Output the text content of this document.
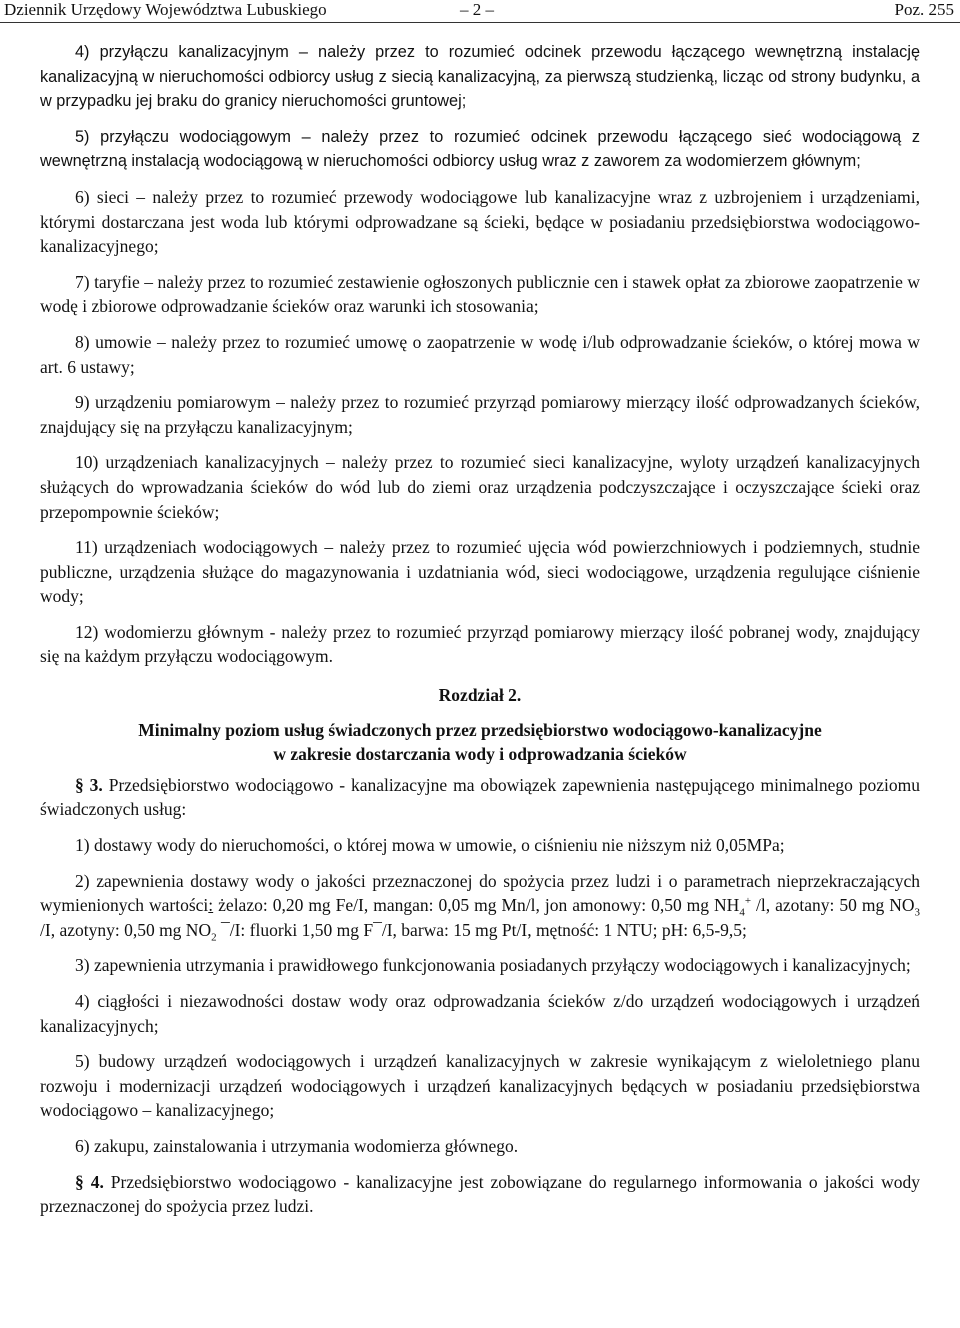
Dziennik Urzędowy Województwa Lubuskiego	– 2 –	Poz. 255

4) przyłączu kanalizacyjnym – należy przez to rozumieć odcinek przewodu łączącego wewnętrzną instalację kanalizacyjną w nieruchomości odbiorcy usług z siecią kanalizacyjną, za pierwszą studzienką, licząc od strony budynku, a w przypadku jej braku do granicy nieruchomości gruntowej;

5) przyłączu wodociągowym – należy przez to rozumieć odcinek przewodu łączącego sieć wodociągową z wewnętrzną instalacją wodociągową w nieruchomości odbiorcy usług wraz z zaworem za wodomierzem głównym;

6) sieci – należy przez to rozumieć przewody wodociągowe lub kanalizacyjne wraz z uzbrojeniem i urządzeniami, którymi dostarczana jest woda lub którymi odprowadzane są ścieki, będące w posiadaniu przedsiębiorstwa wodociągowo-kanalizacyjnego;

7) taryfie – należy przez to rozumieć zestawienie ogłoszonych publicznie cen i stawek opłat za zbiorowe zaopatrzenie w wodę i zbiorowe odprowadzanie ścieków oraz warunki ich stosowania;

8) umowie – należy przez to rozumieć umowę o zaopatrzenie w wodę i/lub odprowadzanie ścieków, o której mowa w art. 6 ustawy;

9) urządzeniu pomiarowym – należy przez to rozumieć przyrząd pomiarowy mierzący ilość odprowadzanych ścieków, znajdujący się na przyłączu kanalizacyjnym;

10) urządzeniach kanalizacyjnych – należy przez to rozumieć sieci kanalizacyjne, wyloty urządzeń kanalizacyjnych służących do wprowadzania ścieków do wód lub do ziemi oraz urządzenia podczyszczające i oczyszczające ścieki oraz przepompownie ścieków;

11) urządzeniach wodociągowych – należy przez to rozumieć ujęcia wód powierzchniowych i podziemnych, studnie publiczne, urządzenia służące do magazynowania i uzdatniania wód, sieci wodociągowe, urządzenia regulujące ciśnienie wody;

12) wodomierzu głównym - należy przez to rozumieć przyrząd pomiarowy mierzący ilość pobranej wody, znajdujący się na każdym przyłączu wodociągowym.

Rozdział 2.

Minimalny poziom usług świadczonych przez przedsiębiorstwo wodociągowo-kanalizacyjne

w zakresie dostarczania wody i odprowadzania ścieków

§ 3. Przedsiębiorstwo wodociągowo - kanalizacyjne ma obowiązek zapewnienia następującego minimalnego poziomu świadczonych usług:

1) dostawy wody do nieruchomości, o której mowa w umowie, o ciśnieniu nie niższym niż 0,05MPa;

2) zapewnienia dostawy wody o jakości przeznaczonej do spożycia przez ludzi i o parametrach nieprzekraczających wymienionych wartości: żelazo: 0,20 mg Fe/I, mangan: 0,05 mg Mn/l, jon amonowy: 0,50 mg $NH_4^+$ /l, azotany: 50 mg $NO_3$ /I, azotyny: 0,50 mg $NO_2$ ¯/I: fluorki 1,50 mg F¯/I, barwa: 15 mg Pt/I, mętność: 1 NTU; pH: 6,5-9,5;

3) zapewnienia utrzymania i prawidłowego funkcjonowania posiadanych przyłączy wodociągowych i kanalizacyjnych;

4) ciągłości i niezawodności dostaw wody oraz odprowadzania ścieków z/do urządzeń wodociągowych i urządzeń kanalizacyjnych;

5) budowy urządzeń wodociągowych i urządzeń kanalizacyjnych w zakresie wynikającym z wieloletniego planu rozwoju i modernizacji urządzeń wodociągowych i urządzeń kanalizacyjnych będących w posiadaniu przedsiębiorstwa wodociągowo – kanalizacyjnego;

6) zakupu, zainstalowania i utrzymania wodomierza głównego.

§ 4. Przedsiębiorstwo wodociągowo - kanalizacyjne jest zobowiązane do regularnego informowania o jakości wody przeznaczonej do spożycia przez ludzi.
